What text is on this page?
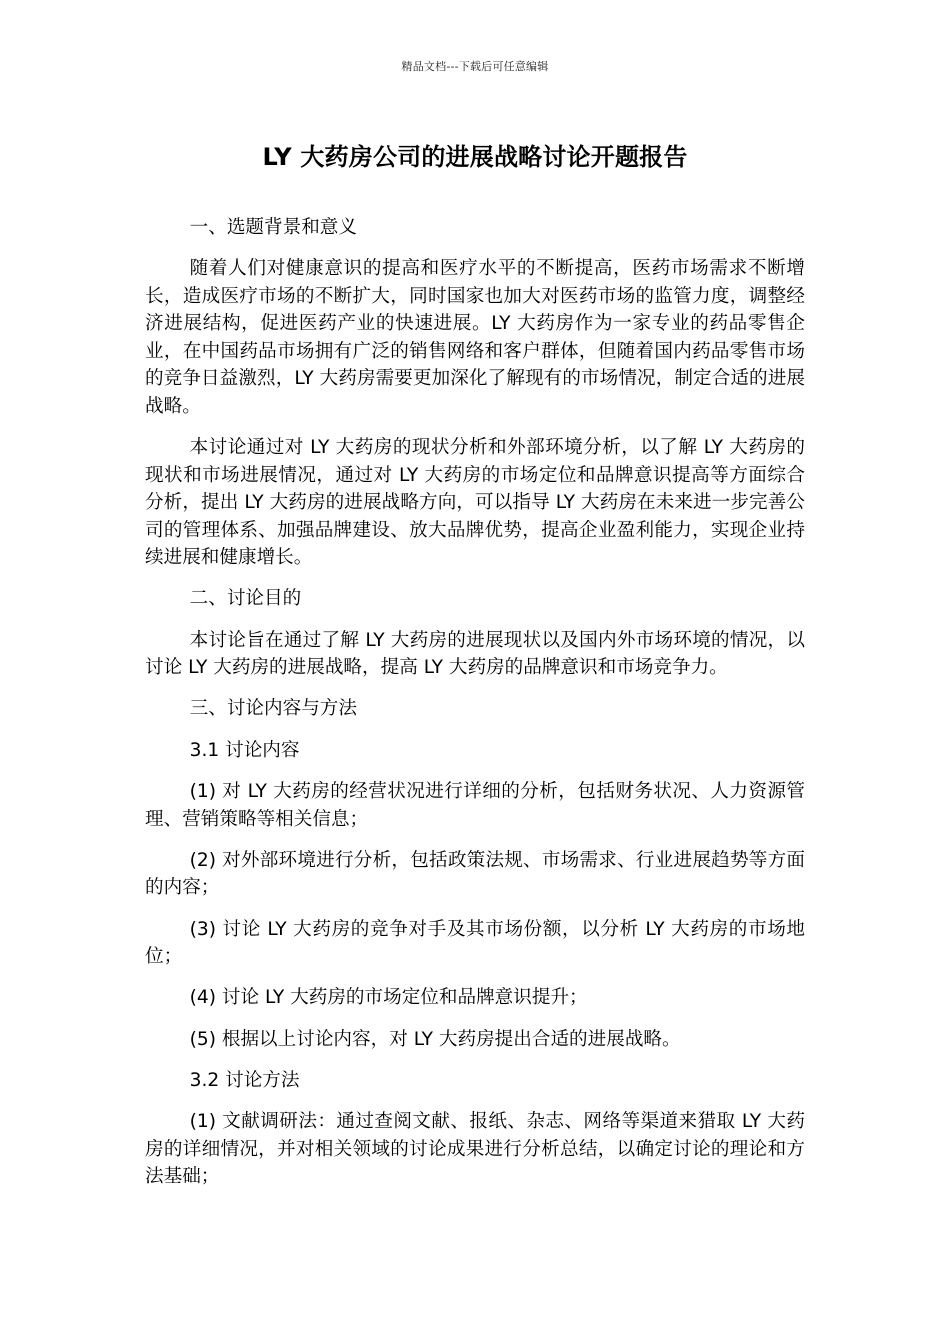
精品文档---下载后可任意编辑
LY 大药房公司的进展战略讨论开题报告

一、选题背景和意义

随着人们对健康意识的提高和医疗水平的不断提高，医药市场需求不断增长，造成医疗市场的不断扩大，同时国家也加大对医药市场的监管力度，调整经济进展结构，促进医药产业的快速进展。LY 大药房作为一家专业的药品零售企业，在中国药品市场拥有广泛的销售网络和客户群体，但随着国内药品零售市场的竞争日益激烈，LY 大药房需要更加深化了解现有的市场情况，制定合适的进展战略。

本讨论通过对 LY 大药房的现状分析和外部环境分析，以了解 LY 大药房的现状和市场进展情况，通过对 LY 大药房的市场定位和品牌意识提高等方面综合分析，提出 LY 大药房的进展战略方向，可以指导 LY 大药房在未来进一步完善公司的管理体系、加强品牌建设、放大品牌优势，提高企业盈利能力，实现企业持续进展和健康增长。

二、讨论目的

本讨论旨在通过了解 LY 大药房的进展现状以及国内外市场环境的情况，以讨论 LY 大药房的进展战略，提高 LY 大药房的品牌意识和市场竞争力。

三、讨论内容与方法

3.1 讨论内容

(1) 对 LY 大药房的经营状况进行详细的分析，包括财务状况、人力资源管理、营销策略等相关信息；

(2) 对外部环境进行分析，包括政策法规、市场需求、行业进展趋势等方面的内容；

(3) 讨论 LY 大药房的竞争对手及其市场份额，以分析 LY 大药房的市场地位；

(4) 讨论 LY 大药房的市场定位和品牌意识提升；

(5) 根据以上讨论内容，对 LY 大药房提出合适的进展战略。

3.2 讨论方法

(1) 文献调研法：通过查阅文献、报纸、杂志、网络等渠道来猎取 LY 大药房的详细情况，并对相关领域的讨论成果进行分析总结，以确定讨论的理论和方法基础；
